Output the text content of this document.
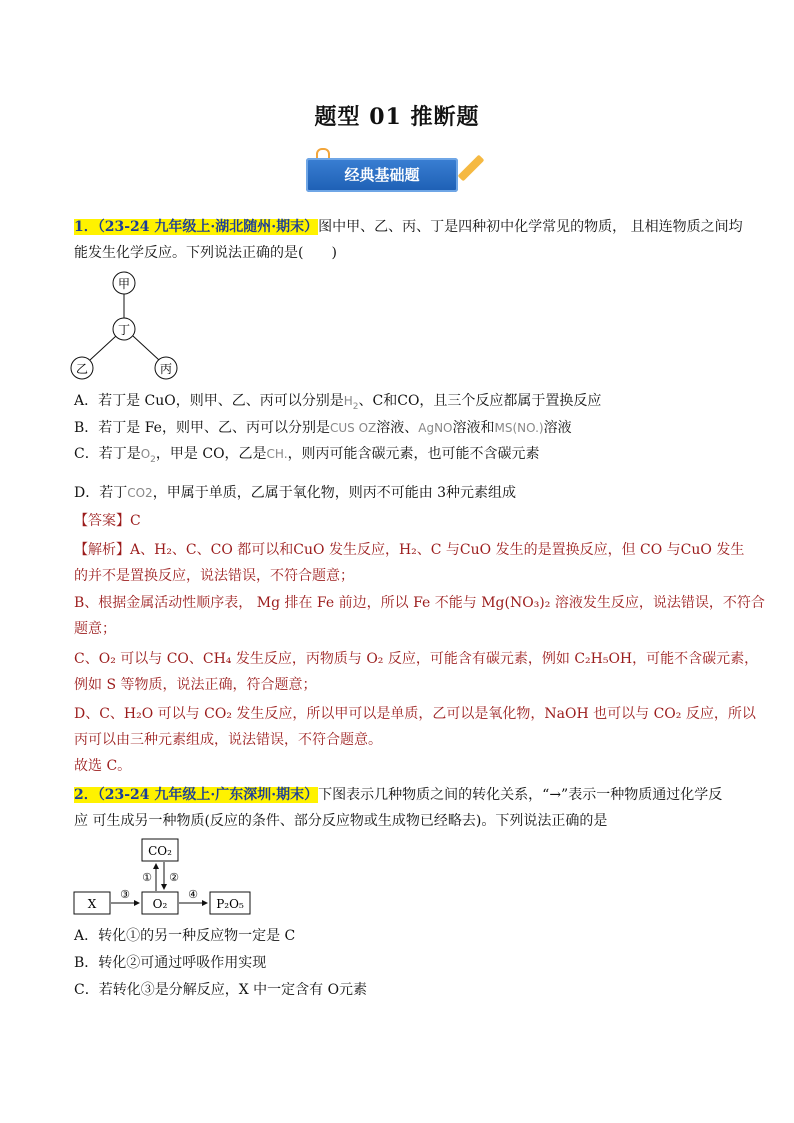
题型 01 推断题
经典基础题
1．（23-24 九年级上·湖北随州·期末）图中甲、乙、丙、丁是四种初中化学常见的物质， 且相连物质之间均
能发生化学反应。下列说法正确的是(　　)
甲
丁
乙	丙
A．若丁是 CuO，则甲、乙、丙可以分别是$H_2$、C和CO，且三个反应都属于置换反应
B．若丁是 Fe，则甲、乙、丙可以分别是CUS OZ溶液、AgNO溶液和MS(NO.)溶液
C．若丁是$O_2$，甲是 CO，乙是CH.，则丙可能含碳元素，也可能不含碳元素
D．若丁CO2，甲属于单质，乙属于氧化物，则丙不可能由 3种元素组成
【答案】C
【解析】A、H₂、C、CO 都可以和CuO 发生反应，H₂、C 与CuO 发生的是置换反应，但 CO 与CuO 发生
的并不是置换反应，说法错误，不符合题意；
B、根据金属活动性顺序表， Mg 排在 Fe 前边，所以 Fe 不能与 Mg(NO₃)₂ 溶液发生反应，说法错误，不符合
题意；
C、O₂ 可以与 CO、CH₄ 发生反应，丙物质与 O₂ 反应，可能含有碳元素，例如 C₂H₅OH，可能不含碳元素，
例如 S 等物质，说法正确，符合题意；
D、C、H₂O 可以与 CO₂ 发生反应，所以甲可以是单质，乙可以是氧化物，NaOH 也可以与 CO₂ 反应，所以
丙可以由三种元素组成，说法错误，不符合题意。
故选 C。
2．（23-24 九年级上·广东深圳·期末）下图表示几种物质之间的转化关系，“→”表示一种物质通过化学反
应 可生成另一种物质(反应的条件、部分反应物或生成物已经略去)。下列说法正确的是
CO₂
X	O₂	P₂O₅
① ②
③	④
A．转化①的另一种反应物一定是 C
B．转化②可通过呼吸作用实现
C．若转化③是分解反应，X 中一定含有 O元素
